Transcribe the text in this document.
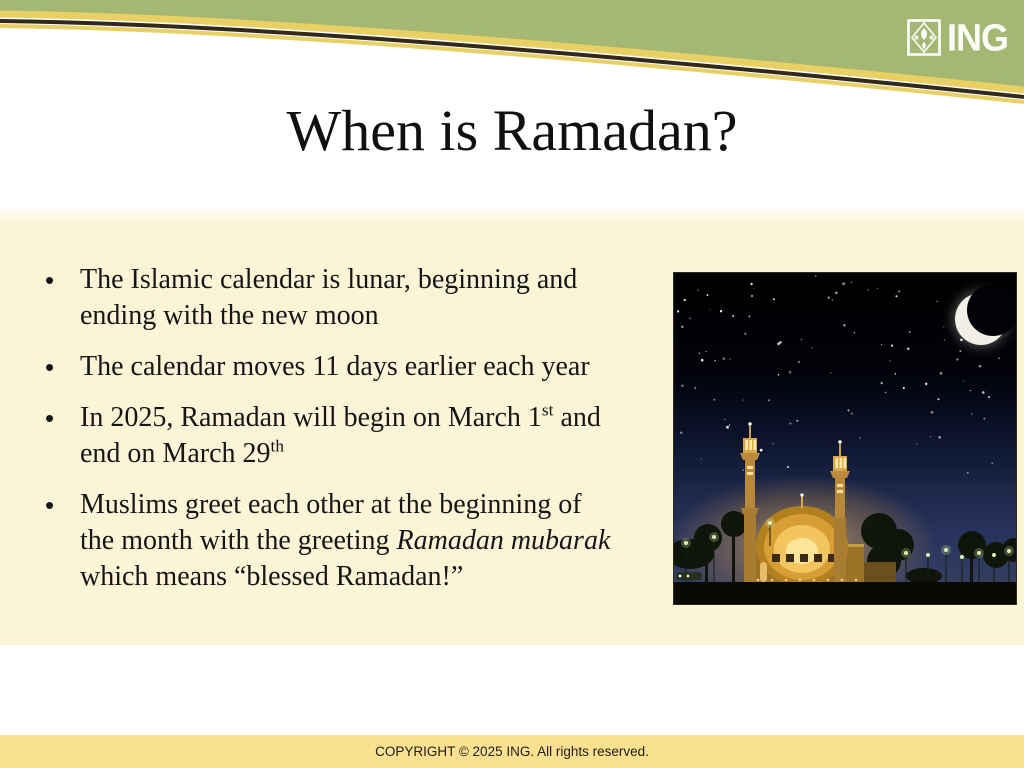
ING
When is Ramadan?
• The Islamic calendar is lunar, beginning and
ending with the new moon
• The calendar moves 11 days earlier each year
• In 2025, Ramadan will begin on March 1st and
end on March 29th
• Muslims greet each other at the beginning of
the month with the greeting Ramadan mubarak
which means “blessed Ramadan!”
COPYRIGHT © 2025 ING. All rights reserved.
